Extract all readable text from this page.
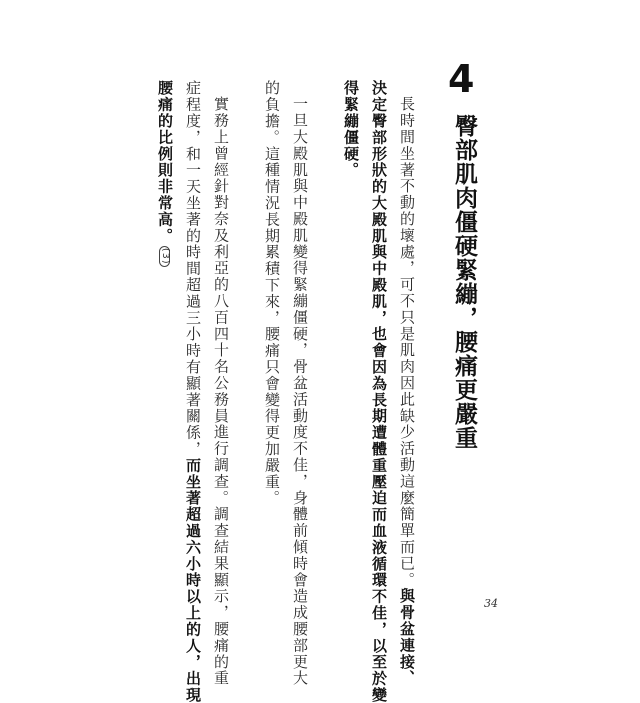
4
臀部肌肉僵硬緊繃，腰痛更嚴重
長時間坐著不動的壞處，可不只是肌肉因此缺少活動這麼簡單而已。與骨盆連接、
決定臀部形狀的大殿肌與中殿肌，也會因為長期遭體重壓迫而血液循環不佳，以至於變
得緊繃僵硬。
一旦大殿肌與中殿肌變得緊繃僵硬，骨盆活動度不佳，身體前傾時會造成腰部更大
的負擔。這種情況長期累積下來，腰痛只會變得更加嚴重。
實務上曾經針對奈及利亞的八百四十名公務員進行調查。調查結果顯示，腰痛的重
症程度，和一天坐著的時間超過三小時有顯著關係，而坐著超過六小時以上的人，出現
腰痛的比例則非常高。(3)
34
